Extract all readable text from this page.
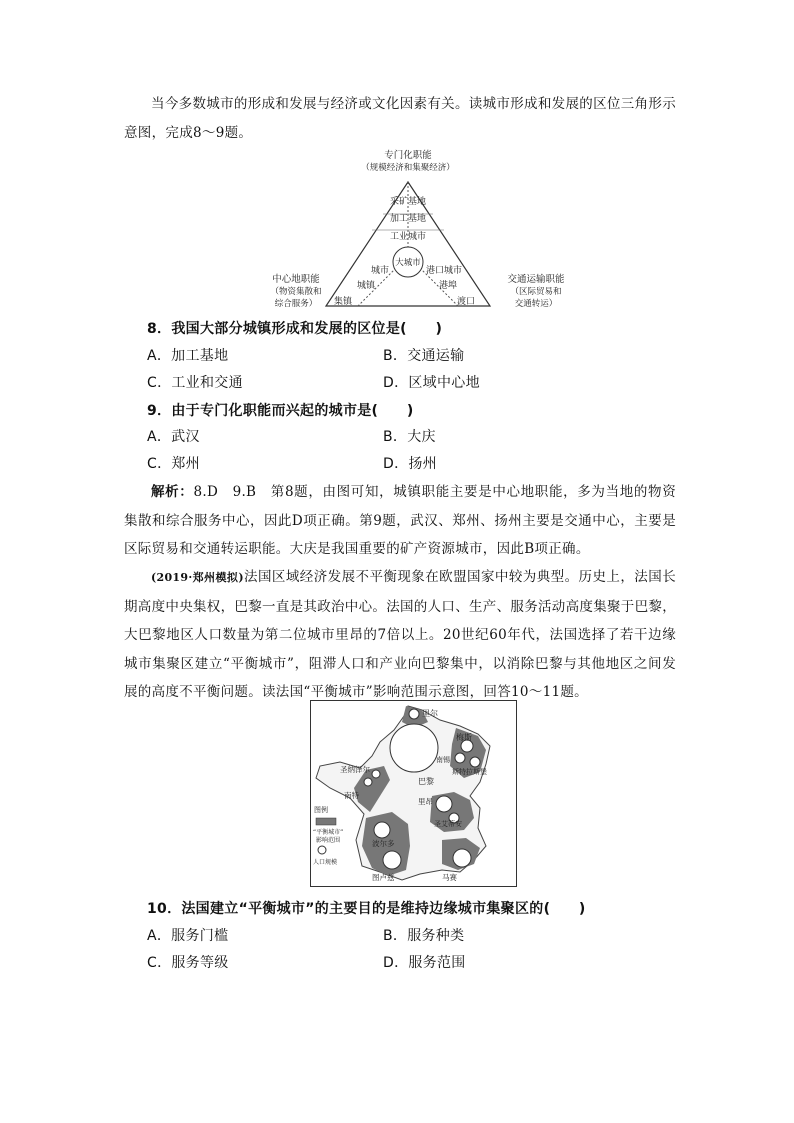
当今多数城市的形成和发展与经济或文化因素有关。读城市形成和发展的区位三角形示意图，完成8～9题。
专门化职能
（规模经济和集聚经济）
中心地职能
（物资集散和
综合服务）
交通运输职能
（区际贸易和
交通转运）
大城市
采矿基地
加工基地
工业城市
城市
城镇
集镇
港口城市
港埠
渡口
8．我国大部分城镇形成和发展的区位是(　　)
A．加工基地	B．交通运输
C．工业和交通	D．区域中心地
9．由于专门化职能而兴起的城市是(　　)
A．武汉	B．大庆
C．郑州	D．扬州
解析：8.D　9.B　第8题，由图可知，城镇职能主要是中心地职能，多为当地的物资集散和综合服务中心，因此D项正确。第9题，武汉、郑州、扬州主要是交通中心，主要是区际贸易和交通转运职能。大庆是我国重要的矿产资源城市，因此B项正确。
(2019·郑州模拟)法国区域经济发展不平衡现象在欧盟国家中较为典型。历史上，法国长期高度中央集权，巴黎一直是其政治中心。法国的人口、生产、服务活动高度集聚于巴黎，大巴黎地区人口数量为第二位城市里昂的7倍以上。20世纪60年代，法国选择了若干边缘城市集聚区建立“平衡城市”，阻滞人口和产业向巴黎集中，以消除巴黎与其他地区之间发展的高度不平衡问题。读法国“平衡城市”影响范围示意图，回答10～11题。
里尔
梅斯
南锡
斯特拉斯堡
圣纳泽尔
南特
巴黎
里昂
圣艾蒂安
波尔多
图卢兹	马赛
图例
“平衡城市”
影响范围
人口规模
10．法国建立“平衡城市”的主要目的是维持边缘城市集聚区的(　　)
A．服务门槛	B．服务种类
C．服务等级	D．服务范围
